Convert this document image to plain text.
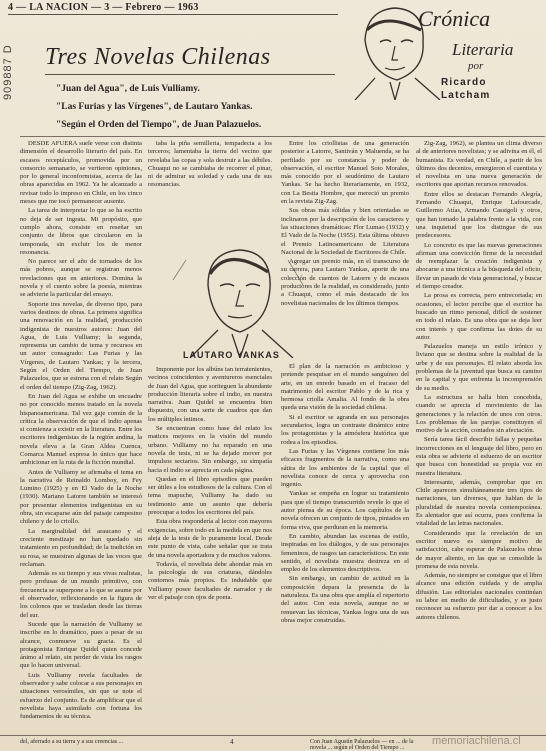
4 — LA NACION — 3 — Febrero — 1963
909887 D Tres Novelas Chilenas
"Juan del Agua", de Luis Vulliamy.
"Las Furias y las Vírgenes", de Lautaro Yankas.
"Según el Orden del Tiempo", de Juan Palazuelos.
Crónica
Literaria
por
Ricardo
Latcham

DESDE AFUERA suele verse con distinta dimensión el desarrollo literario del país. En escasos receptáculos, promovida por un consorcio semanario, se vertieron opiniones, por lo general inconformistas, acerca de las obras aparecidas en 1962. Ya he alcanzado a revisar todo lo impreso en Chile, en los cinco meses que me tocó permanecer ausente.

La tarea de interpretar lo que se ha escrito no deja de ser ingrata. Mi propósito, que cumplo ahora, consiste en reseñar un conjunto de libros que circularon en la temporada, sin excluir los de menor resonancia.

No parece ser el año de tornados de los más pobres, aunque se registran menos revelaciones que en anteriores. Domina la novela y el cuento sobre la poesía, mientras se advierte la particular del ensayo.

Soporte tres novelas, de diverso tipo, para varios destinos de obras. La primera significa una renovación en la realidad, producción indigenista de nuestros autores: Juan del Agua, de Luis Vulliamy; la segunda, representa un cambio de tema y recursos en un autor consagrado: Las Furias y las Vírgenes, de Lautaro Yankas; y la tercera, Según el Orden del Tiempo, de Juan Palazuelos, que se estrena con el relato Según el orden del tiempo (Zig-Zag, 1962).

En Juan del Agua se exhibe un encuadre no por conocido menos tratado en la novela hispanoamericana. Tal vez gaje común de la crítica la observación de que el indio apenas si comienza a existir en la literatura. Entre los escritores indigenistas de la región andina, la novela eleva a la Gran Aldea Cuenca, Comarca Manuel expresa lo único que hace ambicionar en la ruta de la ficción mundial.

Antes de Vulliamy se afirmaba el tema en la narrativa de Reinaldo Lomboy, en Fey Lumino (1925) y en El Vado de la Noche (1930). Mariano Latorre también se interesó por presentar elementos indigenistas en su obra, sin escaparse aún del paisaje campesino chileno y de lo criollo.

La marginalidad del araucano y el creciente mestizaje no han quedado sin tratamiento en profundidad; de la tradición en su rosa, se muestran algunas de las voces que reclaman.

Además es su tiempo y sus vivas realistas, pero profusas de un mundo primitivo, con frecuencia se superpone a lo que se asume por el observador, reflexionando en la figura de los colonos que se trasladan desde las tierras del sur.

Sucede que la narración de Vulliamy se inscribe en lo dramático, pues a pesar de su alcance, conmueve su gracia. Es el protagonista Enrique Quidel quien concede ánimo al relato, sin perder de vista los rasgos que lo hacen universal.

Luis Vulliamy revela facultades de observador y sabe colocar a sus personajes en situaciones verosímiles, sin que se note el esfuerzo del conjunto. Es de amplificar que el novelista haya asimilado con fortuna los fundamentos de su técnica.

taba la piña semilleria, tempadecia a los terceros; lamentaba la tierra del vecino que revelaba las copas y sola destruir a las débiles. Chuaqui no se cambiaba de recorrer el pinar, ni de admirar su soledad y cada una de sus resonancias.

LAUTARO YANKAS

Imponente por los albúns tan terratenientes, vecinos coincidentes y aventureros esenciales de Juan del Agua, que soriteguen la abundante producción literaria sobre el indio, en nuestra narrativa. Juan Quidel se encuentra bien dispuesto, con una serie de cuadros que dan los múltiples íntimos.

Se encuentran como base del relato los matices mejores en la visión del mundo urbano. Vulliamy no ha reparado en una novela de tesis, ni se ha dejado mover por impulsos sectarios. Sin embargo, su simpatía hacia el indio se aprecia en cada página.

Quedan en el libro episodios que pueden ser útiles a los estudiosos de la cultura. Con el tema mapuche, Vulliamy ha dado su testimonio ante un asunto que debería preocupar a todos los escritores del país.

Esta obra respondería al lector con mayores exigencias, sobre todo en la medida en que nos aleja de la tesis de lo puramente local. Desde este punto de vista, cabe señalar que se trata de una novela aportadora y de muchos valores.

Todavía, el novelista debe ahondar más en la psicología de sus criaturas, dándoles contornos más propios. Es indudable que Vulliamy posee facultades de narrador y de ver el paisaje con ojos de poeta.

Entre los criollistas de una generación posterior a Latorre, Santiván y Maluenda, se ha perfilado por su constancia y poder de observación, el escritor Manuel Soto Morales, más conocido por el seudónimo de Lautaro Yankas. Se ha hecho literariamente, en 1932, con La Bestia Hombre, que mereció un premio en la revista Zig-Zag.

Sus obras más sólidas y bien orientadas se inclinaron por la descripción de los caracteres y las situaciones dramáticas: Flor Lumao (1932) y El Vado de la Noche (1955). Esta última obtuvo el Premio Latinoamericano de Literatura Nacional de la Sociedad de Escritores de Chile.

Agregar un premio más, en el transcurso de su carrera, para Lautaro Yankas, aporte de una colección de cuentos de Latorre y de escasos productores de la realidad, es considerado, junto a Chuaqui, como el más destacado de los novelistas nacionales de los últimos tiempos.

El plan de la narración es ambicioso y pretende pesquisar en el mundo sanguíneo del arte, en un enredo basado en el fracaso del matrimonio del escritor Pablo y de la rica y hermosa criolla Amalia. Al fondo de la obra queda una visión de la sociedad chilena.

Si el escritor se agranda en sus personajes secundarios, logra un contraste dinámico entre los protagonistas y la atmósfera histórica que rodea a los episodios.

Las Furias y las Vírgenes contiene los más eficaces fragmentos de la narrativa, como una sátira de los ambientes de la capital que el novelista conoce de cerca y aprovecha con ingenio.

Yankas se empeña en lograr su tratamiento para que el tiempo transcurrido revele lo que el autor piensa de su época. Los capítulos de la novela ofrecen un conjunto de tipos, pintados en forma viva, que perduran en la memoria.

En cambio, abundan las escenas de estilo, inspiradas en los diálogos, y de sus personajes femeninos, de rasgos tan característicos. En este sentido, el novelista muestra destreza en el empleo de los elementos descriptivos.

Sin embargo, un cambio de actitud en la composición depara la presencia de la naturaleza. Es una obra que amplía el repertorio del autor. Con esta novela, aunque no se renuevan las técnicas, Yankas logra una de sus obras mejor construidas.

Zig-Zag, 1962), se plantea un clima diverso al de anteriores novelistas; y se adivina en él, el humanista. Es verdad, en Chile, a partir de los últimos dos decenios, emergieron el cuentista y el novelista en una nueva generación de escritores que aportan recursos renovados.

Entre ellos se destacan Fernando Alegría, Fernando Chuaqui, Enrique Lafourcade, Guillermo Atías, Armando Cassigoli y otros, que han tomado la palabra frente a la vida, con una inquietud que los distingue de sus predecesores.

Lo concreto es que las nuevas generaciones afirman una convicción firme de la necesidad de reemplazar la creación indigenista y abocarse a una técnica a la búsqueda del oficio, llevar un pasado de vista generacional, y buscar el tiempo creador.

La prosa es correcta, pero entrecortada; en ocasiones, el lector percibe que el escritor ha buscado un ritmo personal, difícil de sostener en todo el relato. Es una obra que se deja leer con interés y que confirma las dotes de su autor.

Palazuelos maneja un estilo irónico y liviano que se destina sobre la realidad de la urbe y de sus personajes. El relato aborda los problemas de la juventud que busca su camino en la capital y que enfrenta la incomprensión de su medio.

La estructura se halla bien concebida, cuando se aprecia el movimiento de las generaciones y la relación de unos con otros. Los problemas de las parejas constituyen el motivo de la acción, contados sin afectación.

Sería tarea fácil describir fallas y pequeñas incorrecciones en el lenguaje del libro, pero en esta obra se advierte el esfuerzo de un escritor que busca con honestidad su propia voz en nuestra literatura.

Interesante, además, comprobar que en Chile aparecen simultáneamente tres tipos de narraciones, tan diversos, que hablan de la pluralidad de nuestra novela contemporánea. Es alentador que así ocurra, pues confirma la vitalidad de las letras nacionales.

Considerando que la revelación de un escritor nuevo es siempre motivo de satisfacción, cabe esperar de Palazuelos obras de mayor aliento, en las que se consolide la promesa de esta novela.

Además, no siempre se consigue que el libro alcance una edición cuidada y de amplia difusión. Las editoriales nacionales continúan su labor en medio de dificultades, y es justo reconocer su esfuerzo por dar a conocer a los autores chilenos.

del, aferrado a su tierra y a sus creencias ...	4	Con Juan Agustín Palazuelos — en ... de la novela ... según el Orden del Tiempo ...
memoriachilena.cl
